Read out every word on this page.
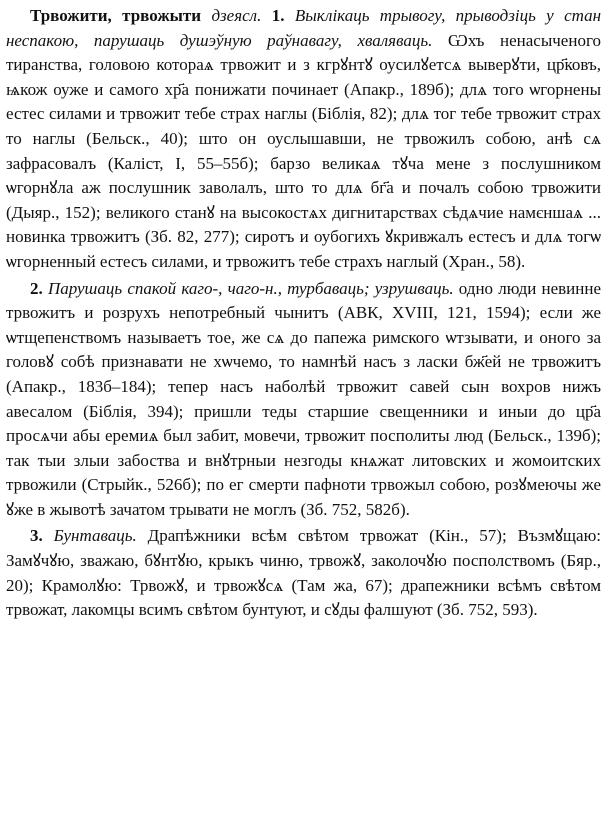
Трвожити, трвожыти дзеясл. 1. Выклікаць трывогу, прыводзіць у стан неспакою, парушаць душэўную раўнавагу, хваляваць. Ѡхъ ненасыченого тиранства, головою котораѧ трвожит и з кгрꙋнтꙋ оусилꙋетсѧ выверꙋти, цр҃ковъ, ѩкож оуже и самого хр҃а понижати починает (Апакр., 189б); длѧ того ѡгорнены естес силами и трвожит тебе страх наглы (Біблія, 82); длѧ тог тебе трвожит страх то наглы (Бельск., 40); што он оуслышавши, не трвожилъ собою, анѣ сѧ зафрасовалъ (Каліст, І, 55–55б); барзо великаѧ тꙋча мене з послушником ѡгорнꙋла аж послушник заволалъ, што то длѧ бг҃а и почалъ собою трвожити (Дыяр., 152); великого станꙋ на высокостѧх дигнитарствах сѣдѧчие намєншаѧ ... новинка трвожитъ (Зб. 82, 277); сиротъ и оубогихъ ꙋкривжалъ естесъ и длѧ тогѡ ѡгорненный естесъ силами, и трвожитъ тебе страхъ наглый (Хран., 58).

2. Парушаць спакой каго-, чаго-н., турбаваць; узрушваць. одно люди невинне трвожитъ и розрухъ непотребный чынитъ (АВК, XVIII, 121, 1594); если же ѡтщепенствомъ называетъ тое, же сѧ до папежа римского ѡтзывати, и оного за головꙋ собѣ признавати не хѡчемо, то намнѣй насъ з ласки бж҃ей не трвожитъ (Апакр., 183б–184); тепер насъ наболѣй трвожит савей сын вохров нижъ авесалом (Біблія, 394); пришли теды старшие свещенники и иныи до цр҃а просѧчи абы еремиѧ был забит, мовечи, трвожит посполиты люд (Бельск., 139б); так тыи злыи забоства и внꙋтрныи незгоды кнѧжат литовских и жомоитских трвожили (Стрыйк., 526б); по ег смерти пафноти трвожыл собою, розꙋмеючы же ꙋже в жывотѣ зачатом трывати не моглъ (Зб. 752, 582б).

3. Бунтаваць. Драпѣжники всѣм свѣтом трвожат (Кін., 57); Възмꙋщаю: Замꙋчꙋю, зважаю, бꙋнтꙋю, крыкъ чиню, трвожꙋ, заколочꙋю посполствомъ (Бяр., 20); Крамолꙋю: Трвожꙋ, и трвожꙋсѧ (Там жа, 67); драпежники всѣмъ свѣтом трвожат, лакомцы всимъ свѣтом бунтуют, и сꙋды фалшуют (Зб. 752, 593).
